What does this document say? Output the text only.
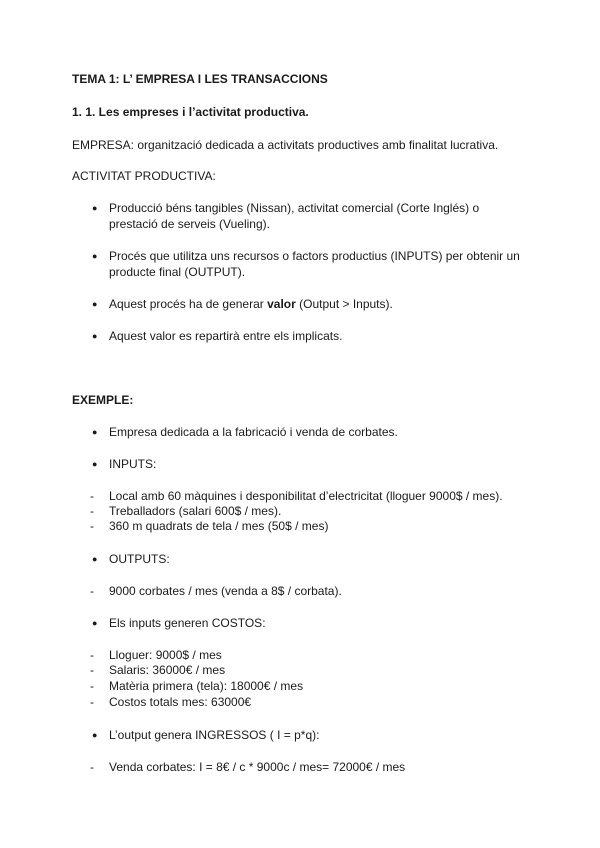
TEMA 1: L’ EMPRESA I LES TRANSACCIONS
1. 1. Les empreses i l’activitat productiva.
EMPRESA: organització dedicada a activitats productives amb finalitat lucrativa.
ACTIVITAT PRODUCTIVA:
● Producció béns tangibles (Nissan), activitat comercial (Corte Inglés) o
prestació de serveis (Vueling).
● Procés que utilitza uns recursos o factors productius (INPUTS) per obtenir un
producte final (OUTPUT).
● Aquest procés ha de generar valor (Output > Inputs).
● Aquest valor es repartirà entre els implicats.
EXEMPLE:
● Empresa dedicada a la fabricació i venda de corbates.
● INPUTS:
- Local amb 60 màquines i desponibilitat d’electricitat (lloguer 9000$ / mes).
- Treballadors (salari 600$ / mes).
- 360 m quadrats de tela / mes (50$ / mes)
● OUTPUTS:
- 9000 corbates / mes (venda a 8$ / corbata).
● Els inputs generen COSTOS:
- Lloguer: 9000$ / mes
- Salaris: 36000€ / mes
- Matèria primera (tela): 18000€ / mes
- Costos totals mes: 63000€
● L’output genera INGRESSOS ( I = p*q):
- Venda corbates: I = 8€ / c * 9000c / mes= 72000€ / mes
